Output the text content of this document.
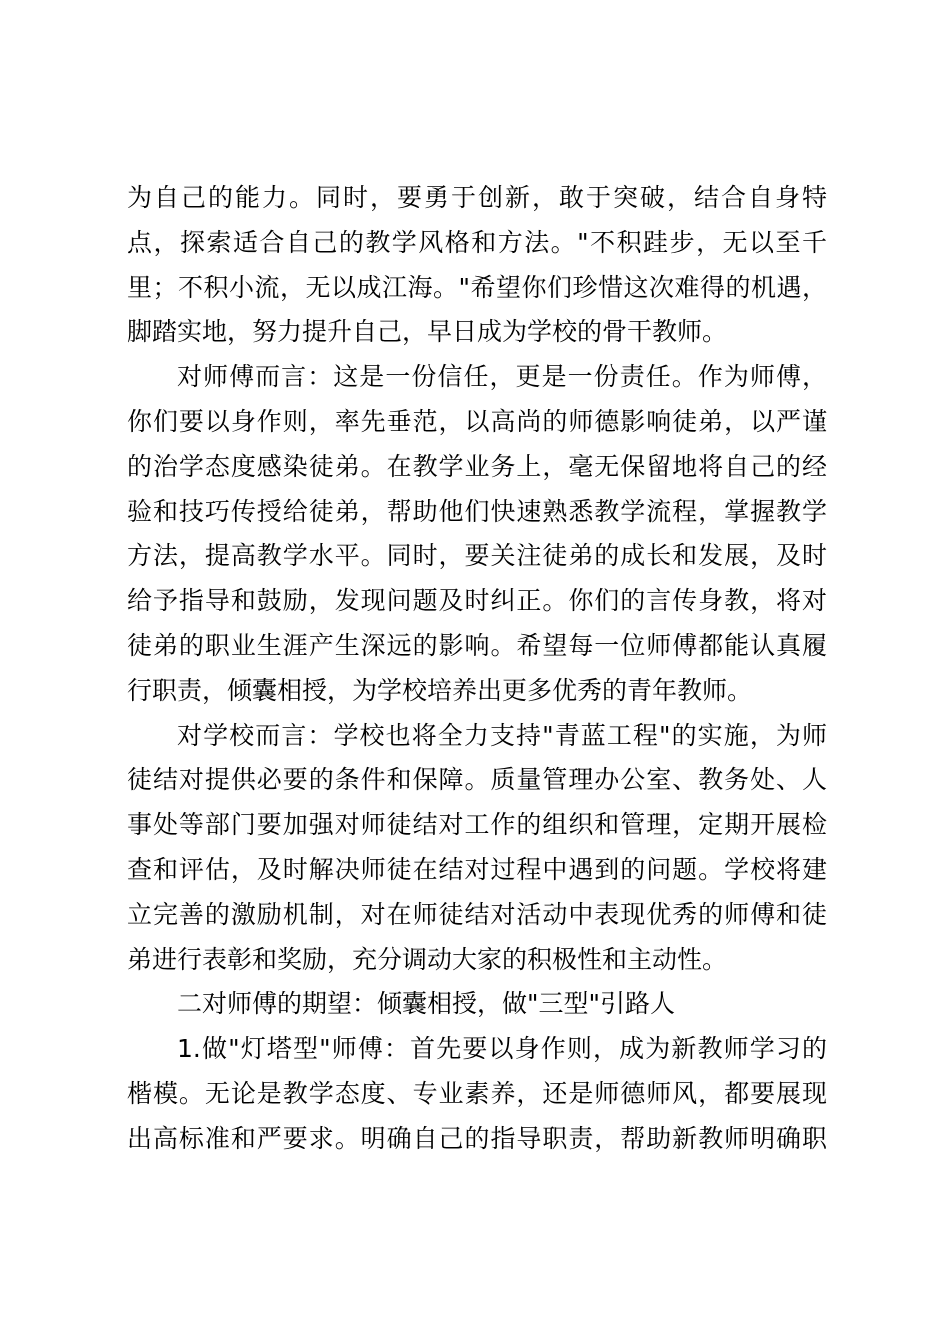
为自己的能力。同时，要勇于创新，敢于突破，结合自身特
点，探索适合自己的教学风格和方法。"不积跬步，无以至千
里；不积小流，无以成江海。"希望你们珍惜这次难得的机遇，
脚踏实地，努力提升自己，早日成为学校的骨干教师。
对师傅而言：这是一份信任，更是一份责任。作为师傅，
你们要以身作则，率先垂范，以高尚的师德影响徒弟，以严谨
的治学态度感染徒弟。在教学业务上，毫无保留地将自己的经
验和技巧传授给徒弟，帮助他们快速熟悉教学流程，掌握教学
方法，提高教学水平。同时，要关注徒弟的成长和发展，及时
给予指导和鼓励，发现问题及时纠正。你们的言传身教，将对
徒弟的职业生涯产生深远的影响。希望每一位师傅都能认真履
行职责，倾囊相授，为学校培养出更多优秀的青年教师。
对学校而言：学校也将全力支持"青蓝工程"的实施，为师
徒结对提供必要的条件和保障。质量管理办公室、教务处、人
事处等部门要加强对师徒结对工作的组织和管理，定期开展检
查和评估，及时解决师徒在结对过程中遇到的问题。学校将建
立完善的激励机制，对在师徒结对活动中表现优秀的师傅和徒
弟进行表彰和奖励，充分调动大家的积极性和主动性。
二对师傅的期望：倾囊相授，做"三型"引路人
1.做"灯塔型"师傅：首先要以身作则，成为新教师学习的
楷模。无论是教学态度、专业素养，还是师德师风，都要展现
出高标准和严要求。明确自己的指导职责，帮助新教师明确职
